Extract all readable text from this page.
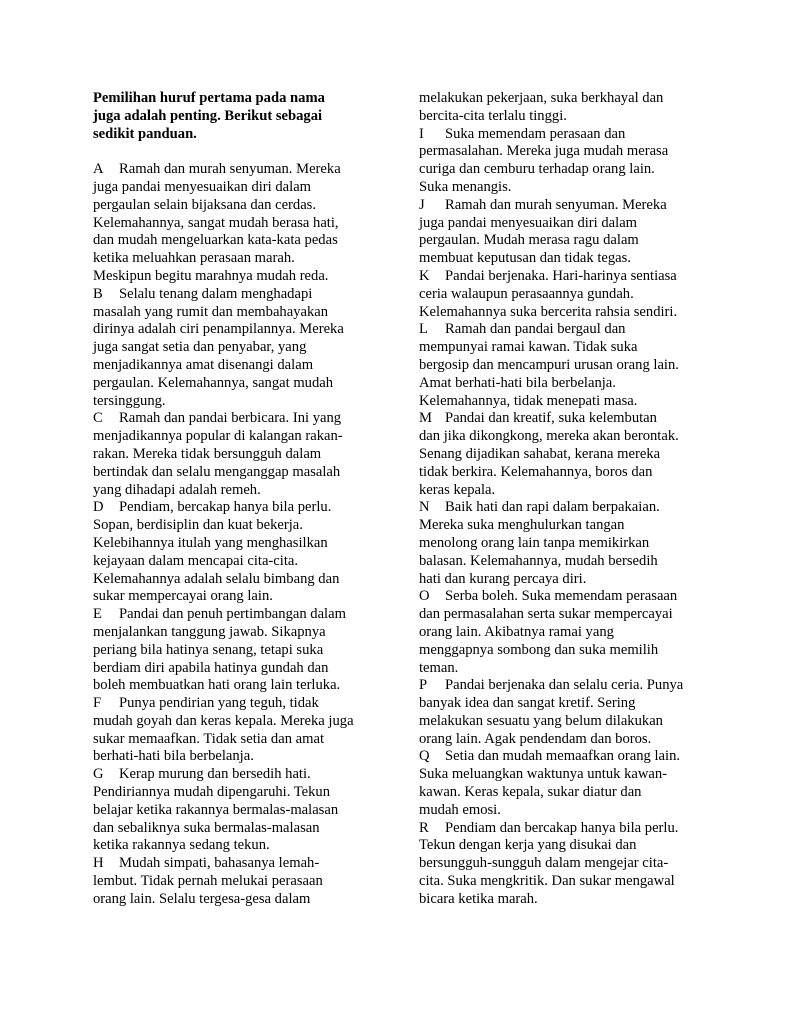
Pemilihan huruf pertama pada nama
juga adalah penting. Berikut sebagai
sedikit panduan.
A Ramah dan murah senyuman. Mereka
juga pandai menyesuaikan diri dalam
pergaulan selain bijaksana dan cerdas.
Kelemahannya, sangat mudah berasa hati,
dan mudah mengeluarkan kata-kata pedas
ketika meluahkan perasaan marah.
Meskipun begitu marahnya mudah reda.
B Selalu tenang dalam menghadapi
masalah yang rumit dan membahayakan
dirinya adalah ciri penampilannya. Mereka
juga sangat setia dan penyabar, yang
menjadikannya amat disenangi dalam
pergaulan. Kelemahannya, sangat mudah
tersinggung.
C Ramah dan pandai berbicara. Ini yang
menjadikannya popular di kalangan rakan-
rakan. Mereka tidak bersungguh dalam
bertindak dan selalu menganggap masalah
yang dihadapi adalah remeh.
D Pendiam, bercakap hanya bila perlu.
Sopan, berdisiplin dan kuat bekerja.
Kelebihannya itulah yang menghasilkan
kejayaan dalam mencapai cita-cita.
Kelemahannya adalah selalu bimbang dan
sukar mempercayai orang lain.
E Pandai dan penuh pertimbangan dalam
menjalankan tanggung jawab. Sikapnya
periang bila hatinya senang, tetapi suka
berdiam diri apabila hatinya gundah dan
boleh membuatkan hati orang lain terluka.
F Punya pendirian yang teguh, tidak
mudah goyah dan keras kepala. Mereka juga
sukar memaafkan. Tidak setia dan amat
berhati-hati bila berbelanja.
G Kerap murung dan bersedih hati.
Pendiriannya mudah dipengaruhi. Tekun
belajar ketika rakannya bermalas-malasan
dan sebaliknya suka bermalas-malasan
ketika rakannya sedang tekun.
H Mudah simpati, bahasanya lemah-
lembut. Tidak pernah melukai perasaan
orang lain. Selalu tergesa-gesa dalam
melakukan pekerjaan, suka berkhayal dan
bercita-cita terlalu tinggi.
I Suka memendam perasaan dan
permasalahan. Mereka juga mudah merasa
curiga dan cemburu terhadap orang lain.
Suka menangis.
J Ramah dan murah senyuman. Mereka
juga pandai menyesuaikan diri dalam
pergaulan. Mudah merasa ragu dalam
membuat keputusan dan tidak tegas.
K Pandai berjenaka. Hari-harinya sentiasa
ceria walaupun perasaannya gundah.
Kelemahannya suka bercerita rahsia sendiri.
L Ramah dan pandai bergaul dan
mempunyai ramai kawan. Tidak suka
bergosip dan mencampuri urusan orang lain.
Amat berhati-hati bila berbelanja.
Kelemahannya, tidak menepati masa.
M Pandai dan kreatif, suka kelembutan
dan jika dikongkong, mereka akan berontak.
Senang dijadikan sahabat, kerana mereka
tidak berkira. Kelemahannya, boros dan
keras kepala.
N Baik hati dan rapi dalam berpakaian.
Mereka suka menghulurkan tangan
menolong orang lain tanpa memikirkan
balasan. Kelemahannya, mudah bersedih
hati dan kurang percaya diri.
O Serba boleh. Suka memendam perasaan
dan permasalahan serta sukar mempercayai
orang lain. Akibatnya ramai yang
menggapnya sombong dan suka memilih
teman.
P Pandai berjenaka dan selalu ceria. Punya
banyak idea dan sangat kretif. Sering
melakukan sesuatu yang belum dilakukan
orang lain. Agak pendendam dan boros.
Q Setia dan mudah memaafkan orang lain.
Suka meluangkan waktunya untuk kawan-
kawan. Keras kepala, sukar diatur dan
mudah emosi.
R Pendiam dan bercakap hanya bila perlu.
Tekun dengan kerja yang disukai dan
bersungguh-sungguh dalam mengejar cita-
cita. Suka mengkritik. Dan sukar mengawal
bicara ketika marah.
